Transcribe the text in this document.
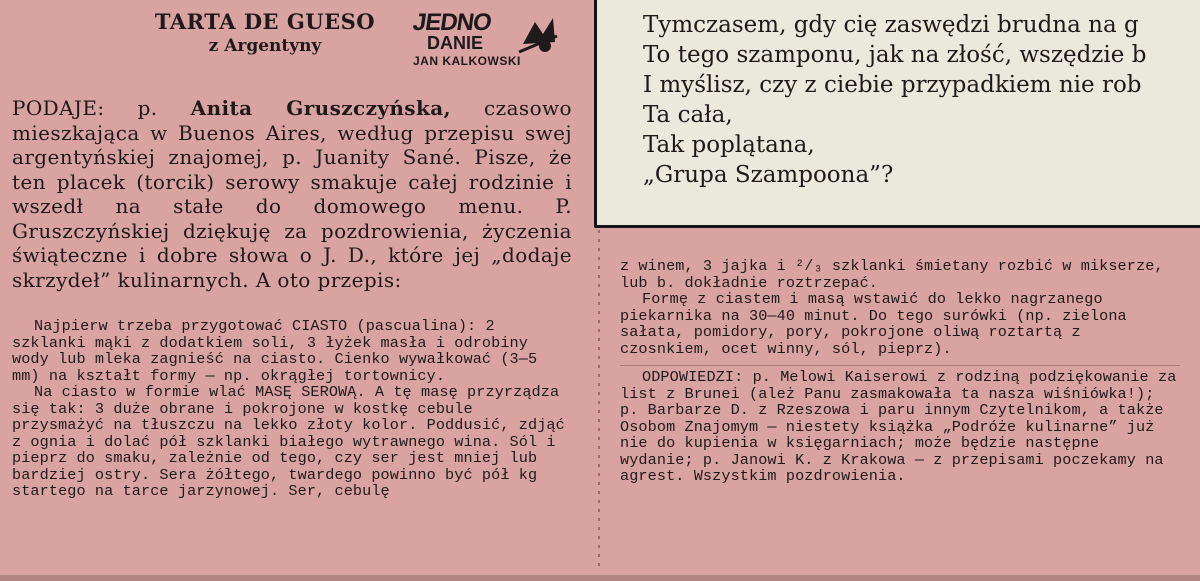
TARTA DE GUESO
z Argentyny
JEDNO
DANIE
JAN KALKOWSKI
PODAJE: p. Anita Gruszczyńska, czasowo mieszkająca w Buenos Aires, według przepisu swej argentyńskiej znajomej, p. Juanity Sané. Pisze, że ten placek (torcik) serowy smakuje całej rodzinie i wszedł na stałe do domowego menu. P. Gruszczyńskiej dziękuję za pozdrowienia, życzenia świąteczne i dobre słowa o J. D., które jej „dodaje skrzydeł” kulinarnych. A oto przepis:

Najpierw trzeba przygotować CIASTO (pascualina): 2 szklanki mąki z dodatkiem soli, 3 łyżek masła i odrobiny wody lub mleka zagnieść na ciasto. Cienko wywałkować (3—5 mm) na kształt formy — np. okrągłej tortownicy.

Na ciasto w formie wlać MASĘ SEROWĄ. A tę masę przyrządza się tak: 3 duże obrane i pokrojone w kostkę cebule przysmażyć na tłuszczu na lekko złoty kolor. Poddusić, zdjąć z ognia i dolać pół szklanki białego wytrawnego wina. Sól i pieprz do smaku, zależnie od tego, czy ser jest mniej lub bardziej ostry. Sera żółtego, twardego powinno być pół kg startego na tarce jarzynowej. Ser, cebulę

Tymczasem, gdy cię zaswędzi brudna na g
To tego szamponu, jak na złość, wszędzie b
I myślisz, czy z ciebie przypadkiem nie rob
Ta cała,
Tak poplątana,
„Grupa Szampoona”?

z winem, 3 jajka i ²/₃ szklanki śmietany rozbić w mikserze, lub b. dokładnie roztrzepać.

Formę z ciastem i masą wstawić do lekko nagrzanego piekarnika na 30—40 minut. Do tego surówki (np. zielona sałata, pomidory, pory, pokrojone oliwą roztartą z czosnkiem, ocet winny, sól, pieprz).

ODPOWIEDZI: p. Melowi Kaiserowi z rodziną podziękowanie za list z Brunei (ależ Panu zasmakowała ta nasza wiśniówka!); p. Barbarze D. z Rzeszowa i paru innym Czytelnikom, a także Osobom Znajomym — niestety książka „Podróże kulinarne” już nie do kupienia w księgarniach; może będzie następne wydanie; p. Janowi K. z Krakowa — z przepisami poczekamy na agrest. Wszystkim pozdrowienia.
